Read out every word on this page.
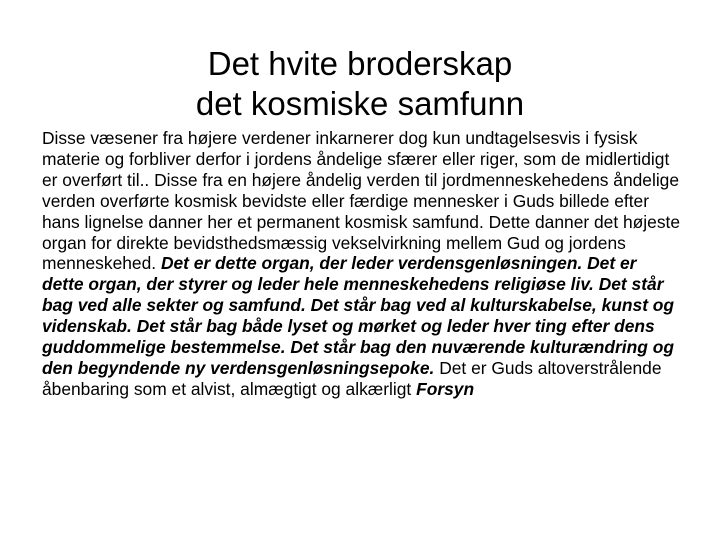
Det hvite broderskap
det kosmiske samfunn

Disse væsener fra højere verdener inkarnerer dog kun undtagelsesvis i fysisk materie og forbliver derfor i jordens åndelige sfærer eller riger, som de midlertidigt er overført til.. Disse fra en højere åndelig verden til jordmenneskehedens åndelige verden overførte kosmisk bevidste eller færdige mennesker i Guds billede efter hans lignelse danner her et permanent kosmisk samfund. Dette danner det højeste organ for direkte bevidsthedsmæssig vekselvirkning mellem Gud og jordens menneskehed. Det er dette organ, der leder verdensgenløsningen. Det er dette organ, der styrer og leder hele menneskehedens religiøse liv. Det står bag ved alle sekter og samfund. Det står bag ved al kulturskabelse, kunst og videnskab. Det står bag både lyset og mørket og leder hver ting efter dens guddommelige bestemmelse. Det står bag den nuværende kulturændring og den begyndende ny verdensgenløsningsepoke. Det er Guds altoverstrålende åbenbaring som et alvist, almægtigt og alkærligt Forsyn
